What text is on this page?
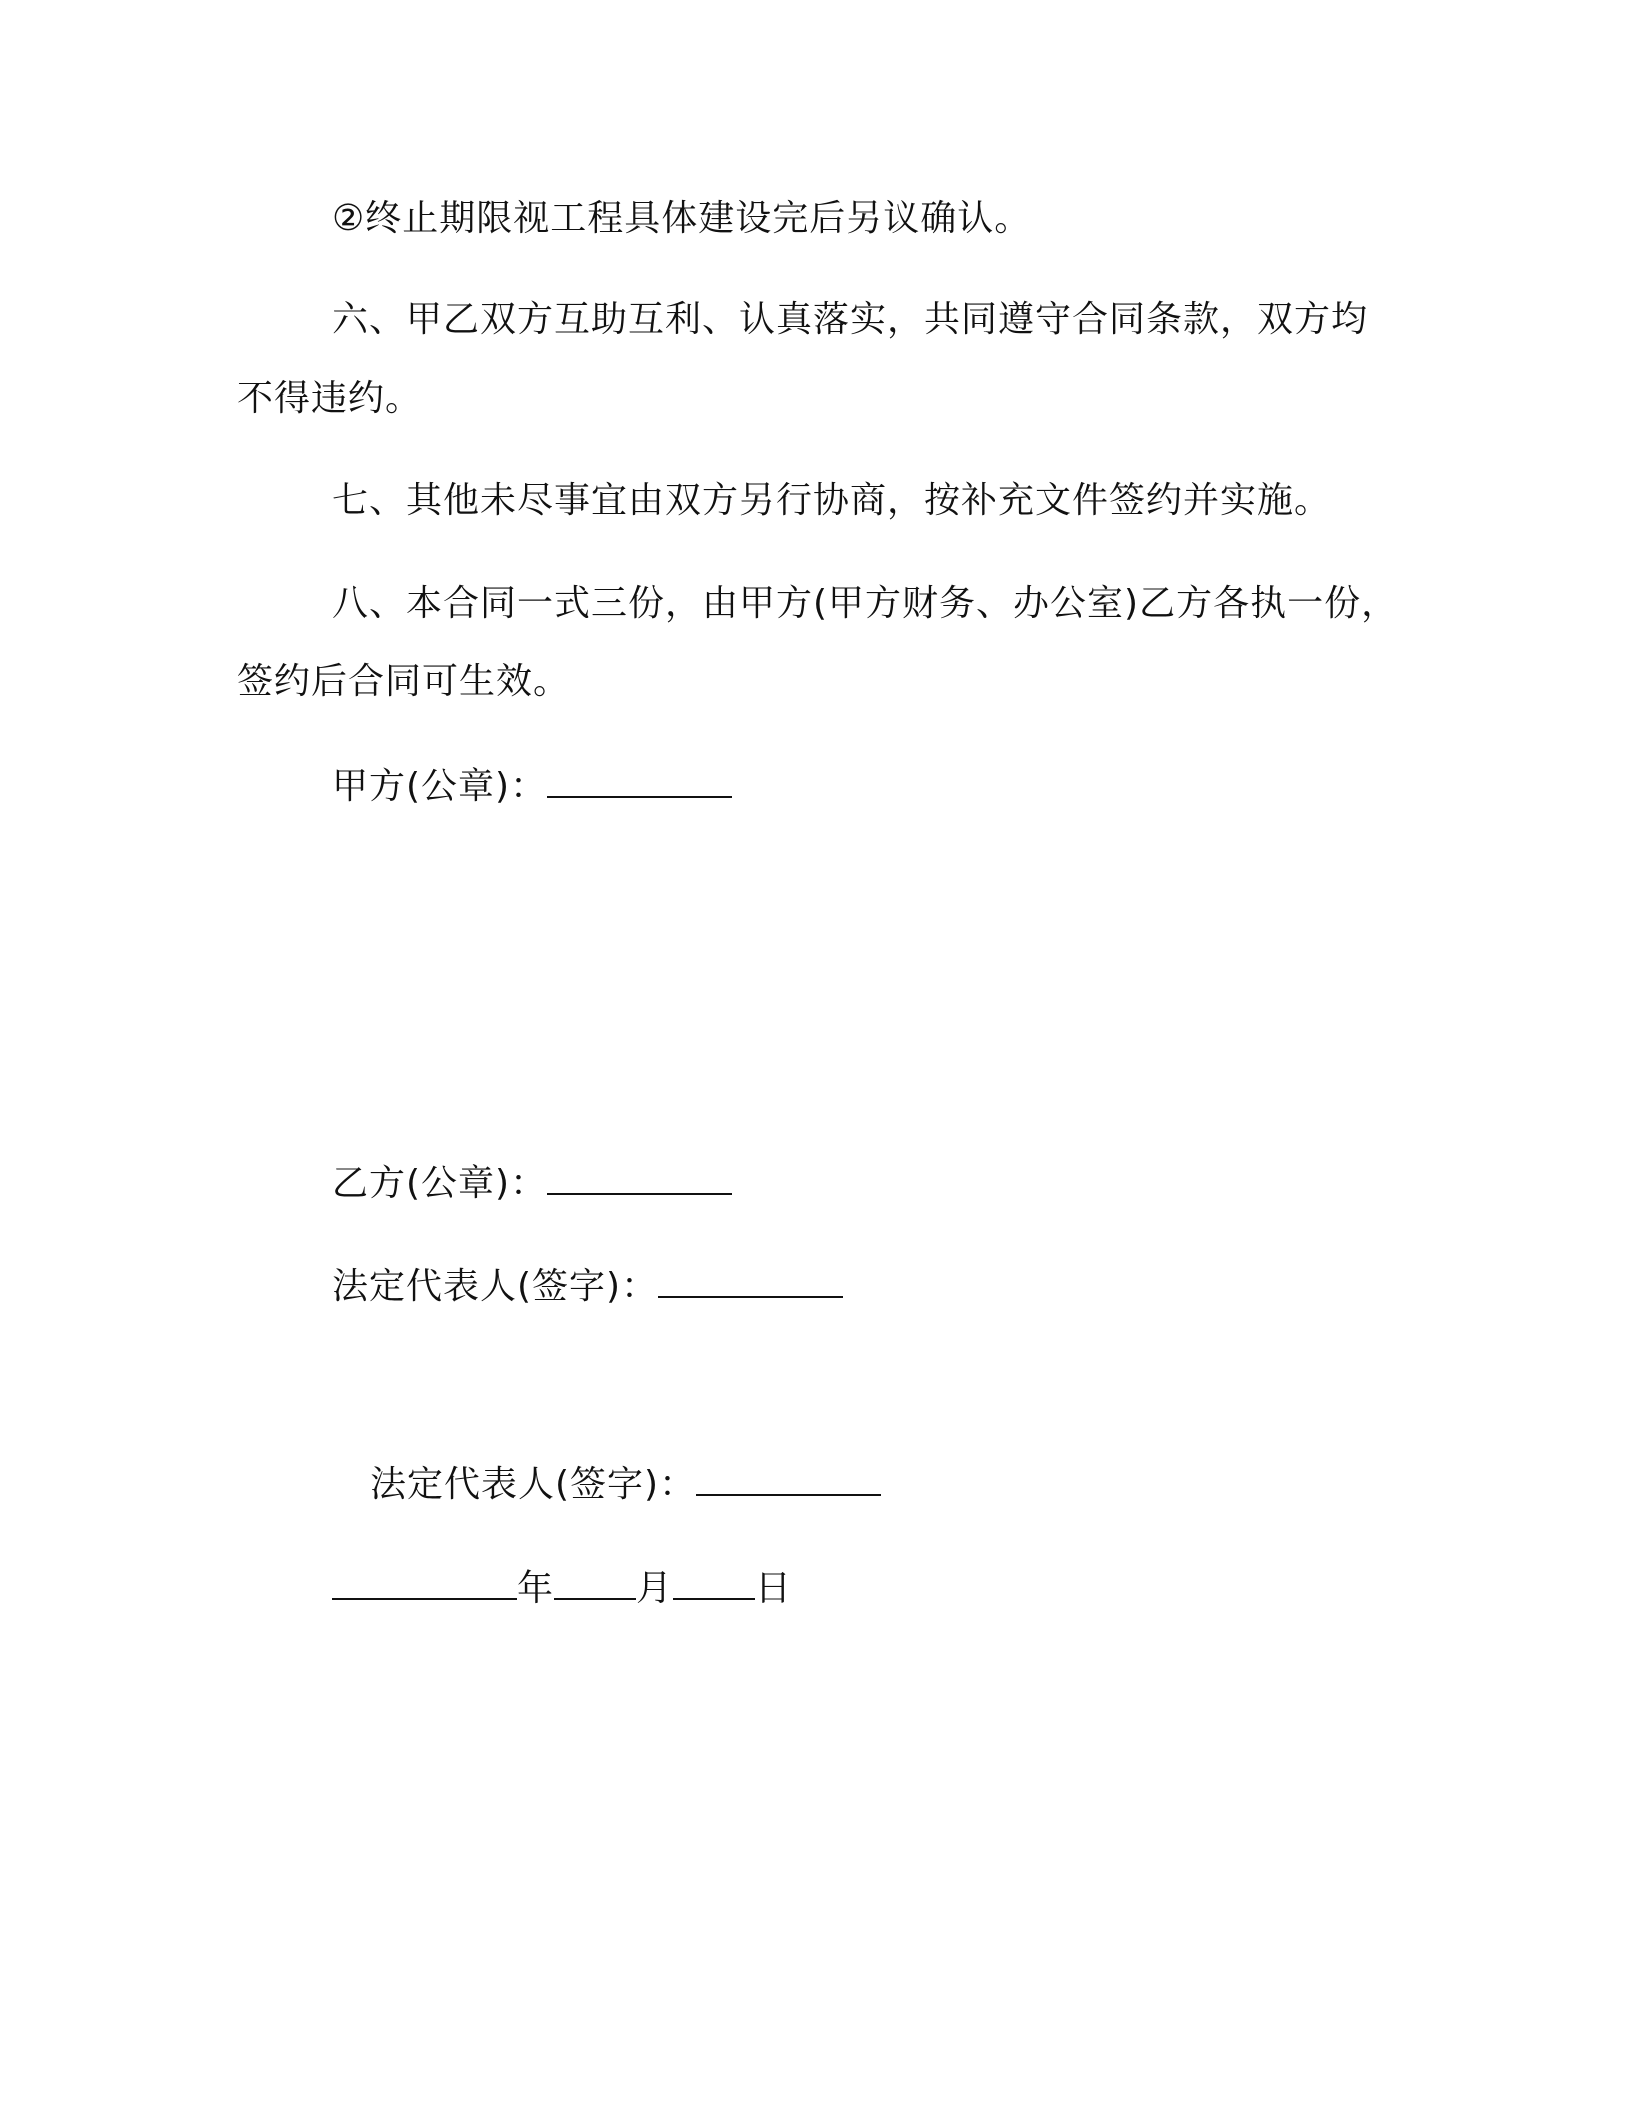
②终止期限视工程具体建设完后另议确认。
六、甲乙双方互助互利、认真落实，共同遵守合同条款，双方均
不得违约。
七、其他未尽事宜由双方另行协商，按补充文件签约并实施。
八、本合同一式三份，由甲方(甲方财务、办公室)乙方各执一份，
签约后合同可生效。
甲方(公章)：
乙方(公章)：
法定代表人(签字)：
法定代表人(签字)：
年 月 日
